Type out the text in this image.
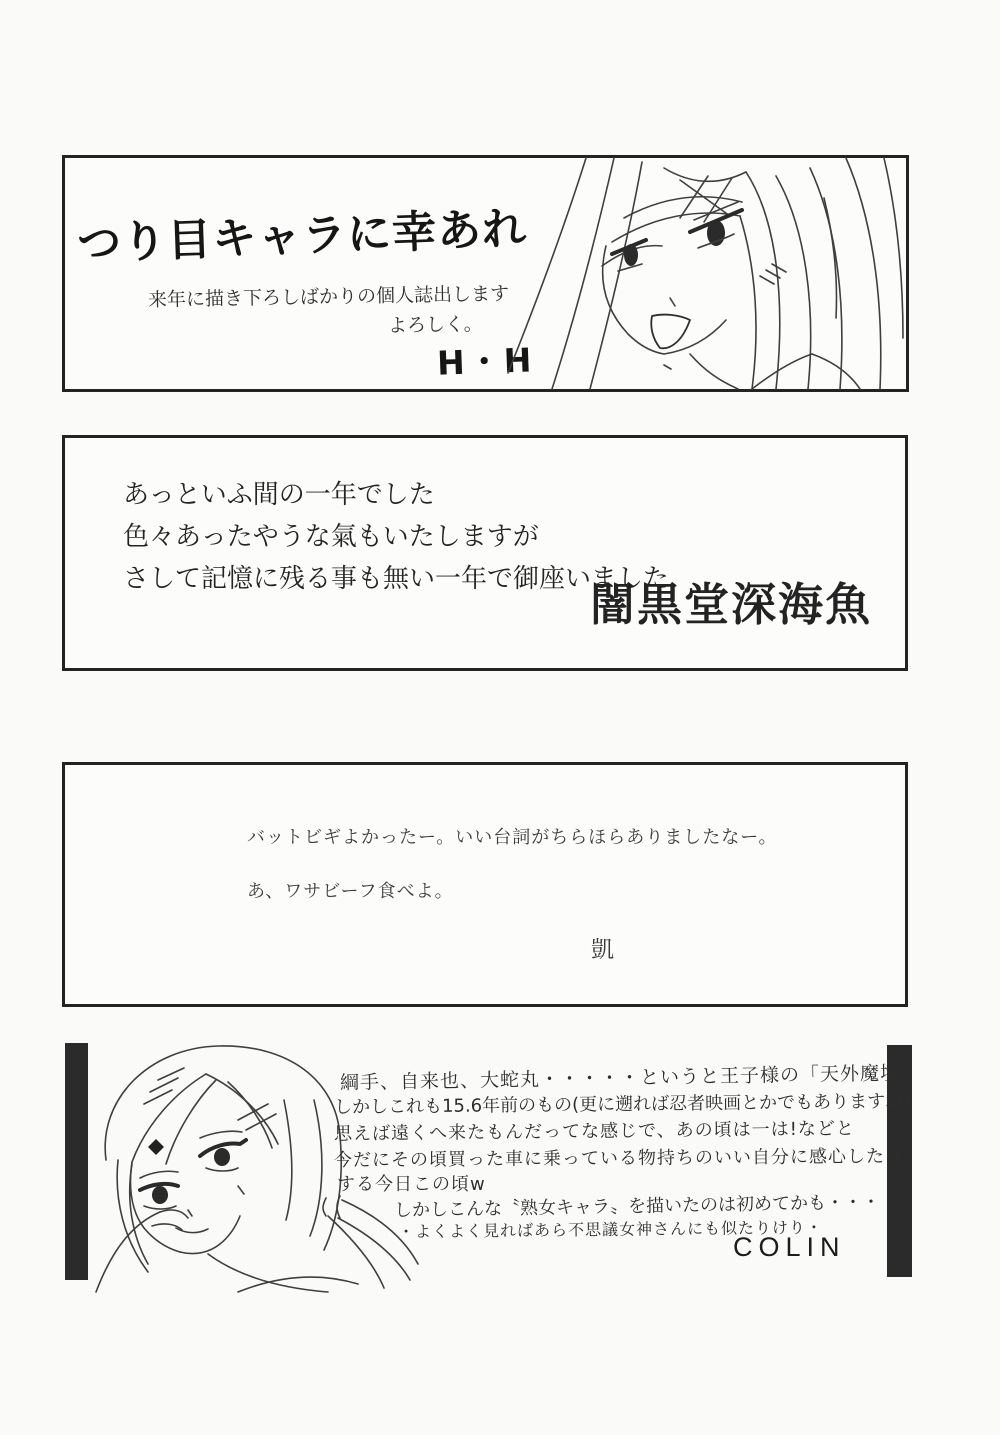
つり目キャラに幸あれ
来年に描き下ろしばかりの個人誌出します
よろしく。
H・H
あっといふ間の一年でした
色々あったやうな氣もいたしますが
さして記憶に残る事も無い一年で御座いました
闇黒堂深海魚
バットビギよかったー。いい台詞がちらほらありましたなー。
あ、ワサビーフ食べよ。
凱
綱手、自来也、大蛇丸・・・・・というと王子様の「天外魔境」
しかしこれも15.6年前のもの(更に遡れば忍者映画とかでもありますね)
思えば遠くへ来たもんだってな感じで、あの頃は一は!などと
今だにその頃買った車に乗っている物持ちのいい自分に感心したり
する今日この頃w
しかしこんな〝熟女キャラ〟を描いたのは初めてかも・・・
・よくよく見ればあら不思議女神さんにも似たりけり・
COLIN
